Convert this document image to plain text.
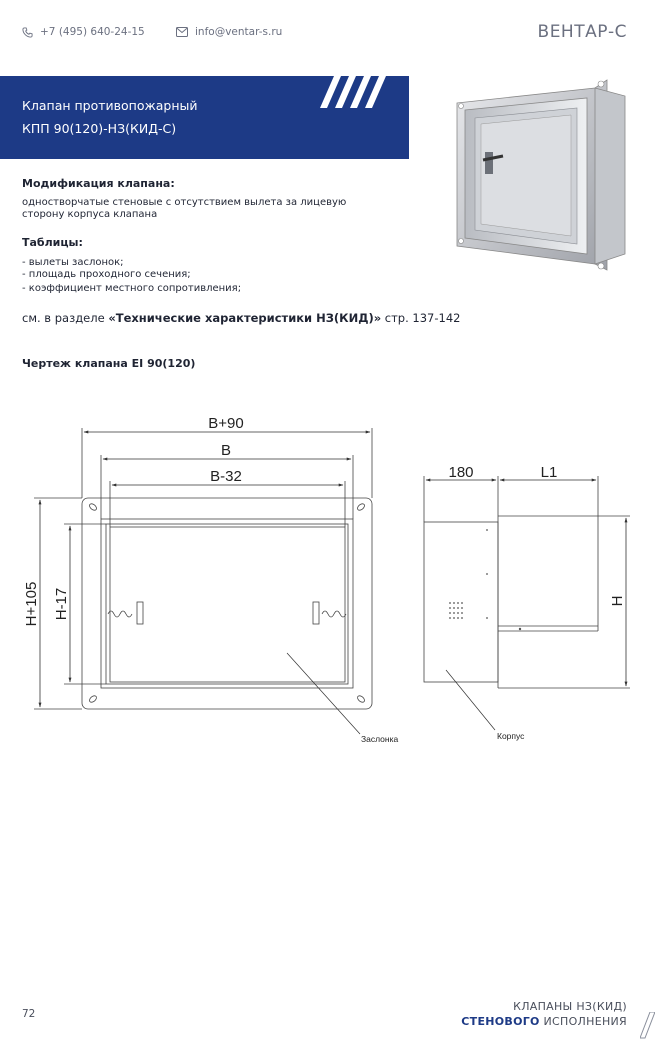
+7 (495) 640-24-15	info@ventar-s.ru	ВЕНТАР-С
Клапан противопожарный
КПП 90(120)-НЗ(КИД-С)
Модификация клапана:
одностворчатые стеновые с отсутствием вылета за лицевую
сторону корпуса клапана
Таблицы:
- вылеты заслонок;
- площадь проходного сечения;
- коэффициент местного сопротивления;
см. в разделе «Технические характеристики НЗ(КИД)» стр. 137-142
Чертеж клапана EI 90(120)
B+90
B
B-32
H+105 H-17
Заслонка
180	L1
H
Корпус
72
КЛАПАНЫ НЗ(КИД)
СТЕНОВОГО ИСПОЛНЕНИЯ
